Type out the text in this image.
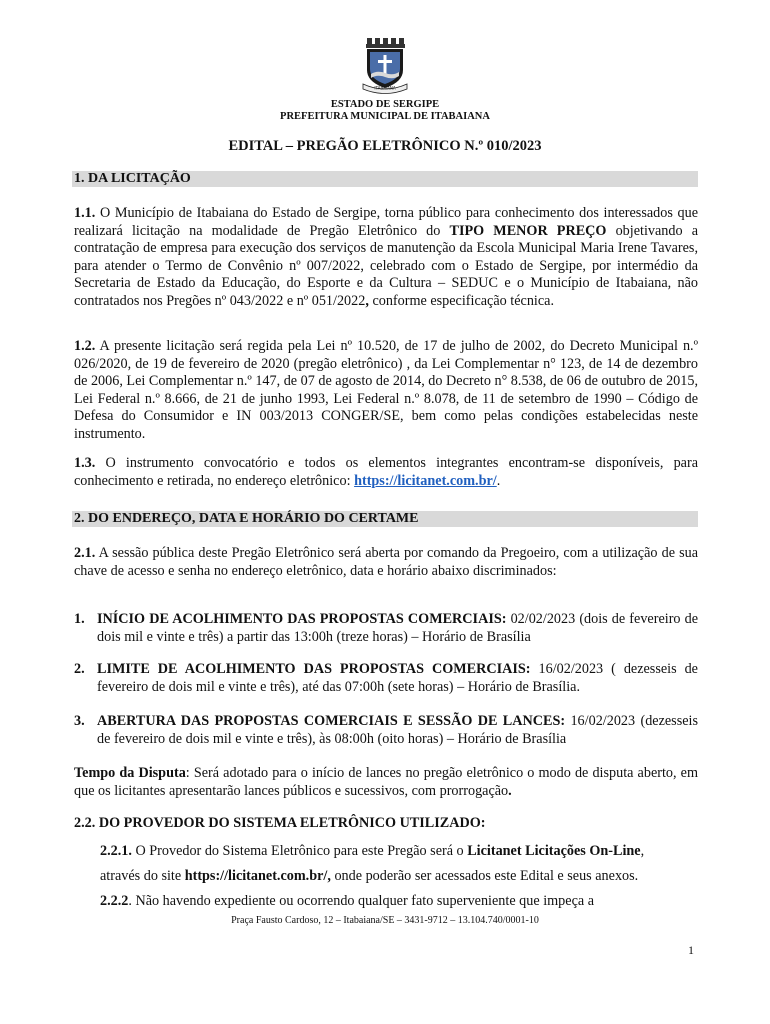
ITABAIANA
ESTADO DE SERGIPE
PREFEITURA MUNICIPAL DE ITABAIANA
EDITAL – PREGÃO ELETRÔNICO N.º 010/2023
1. DA LICITAÇÃO

1.1. O Município de Itabaiana do Estado de Sergipe, torna público para conhecimento dos interessados que realizará licitação na modalidade de Pregão Eletrônico do TIPO MENOR PREÇO objetivando a contratação de empresa para execução dos serviços de manutenção da Escola Municipal Maria Irene Tavares, para atender o Termo de Convênio nº 007/2022, celebrado com o Estado de Sergipe, por intermédio da Secretaria de Estado da Educação, do Esporte e da Cultura – SEDUC e o Município de Itabaiana, não contratados nos Pregões nº 043/2022 e nº 051/2022, conforme especificação técnica.

1.2. A presente licitação será regida pela Lei nº 10.520, de 17 de julho de 2002, do Decreto Municipal n.º 026/2020, de 19 de fevereiro de 2020 (pregão eletrônico) , da Lei Complementar n° 123, de 14 de dezembro de 2006, Lei Complementar n.º 147, de 07 de agosto de 2014, do Decreto n° 8.538, de 06 de outubro de 2015, Lei Federal n.º 8.666, de 21 de junho 1993, Lei Federal n.º 8.078, de 11 de setembro de 1990 – Código de Defesa do Consumidor e IN 003/2013 CONGER/SE, bem como pelas condições estabelecidas neste instrumento.

1.3. O instrumento convocatório e todos os elementos integrantes encontram-se disponíveis, para conhecimento e retirada, no endereço eletrônico: https://licitanet.com.br/.

2. DO ENDEREÇO, DATA E HORÁRIO DO CERTAME

2.1. A sessão pública deste Pregão Eletrônico será aberta por comando da Pregoeiro, com a utilização de sua chave de acesso e senha no endereço eletrônico, data e horário abaixo discriminados:

1. INÍCIO DE ACOLHIMENTO DAS PROPOSTAS COMERCIAIS: 02/02/2023 (dois de fevereiro de dois mil e vinte e três) a partir das 13:00h (treze horas) – Horário de Brasília
2. LIMITE DE ACOLHIMENTO DAS PROPOSTAS COMERCIAIS: 16/02/2023 ( dezesseis de fevereiro de dois mil e vinte e três), até das 07:00h (sete horas) – Horário de Brasília.
3. ABERTURA DAS PROPOSTAS COMERCIAIS E SESSÃO DE LANCES: 16/02/2023 (dezesseis de fevereiro de dois mil e vinte e três), às 08:00h (oito horas) – Horário de Brasília

Tempo da Disputa: Será adotado para o início de lances no pregão eletrônico o modo de disputa aberto, em que os licitantes apresentarão lances públicos e sucessivos, com prorrogação.

2.2. DO PROVEDOR DO SISTEMA ELETRÔNICO UTILIZADO:

2.2.1. O Provedor do Sistema Eletrônico para este Pregão será o Licitanet Licitações On-Line,

através do site https://licitanet.com.br/, onde poderão ser acessados este Edital e seus anexos.

2.2.2. Não havendo expediente ou ocorrendo qualquer fato superveniente que impeça a

Praça Fausto Cardoso, 12 – Itabaiana/SE – 3431-9712 – 13.104.740/0001-10
1
